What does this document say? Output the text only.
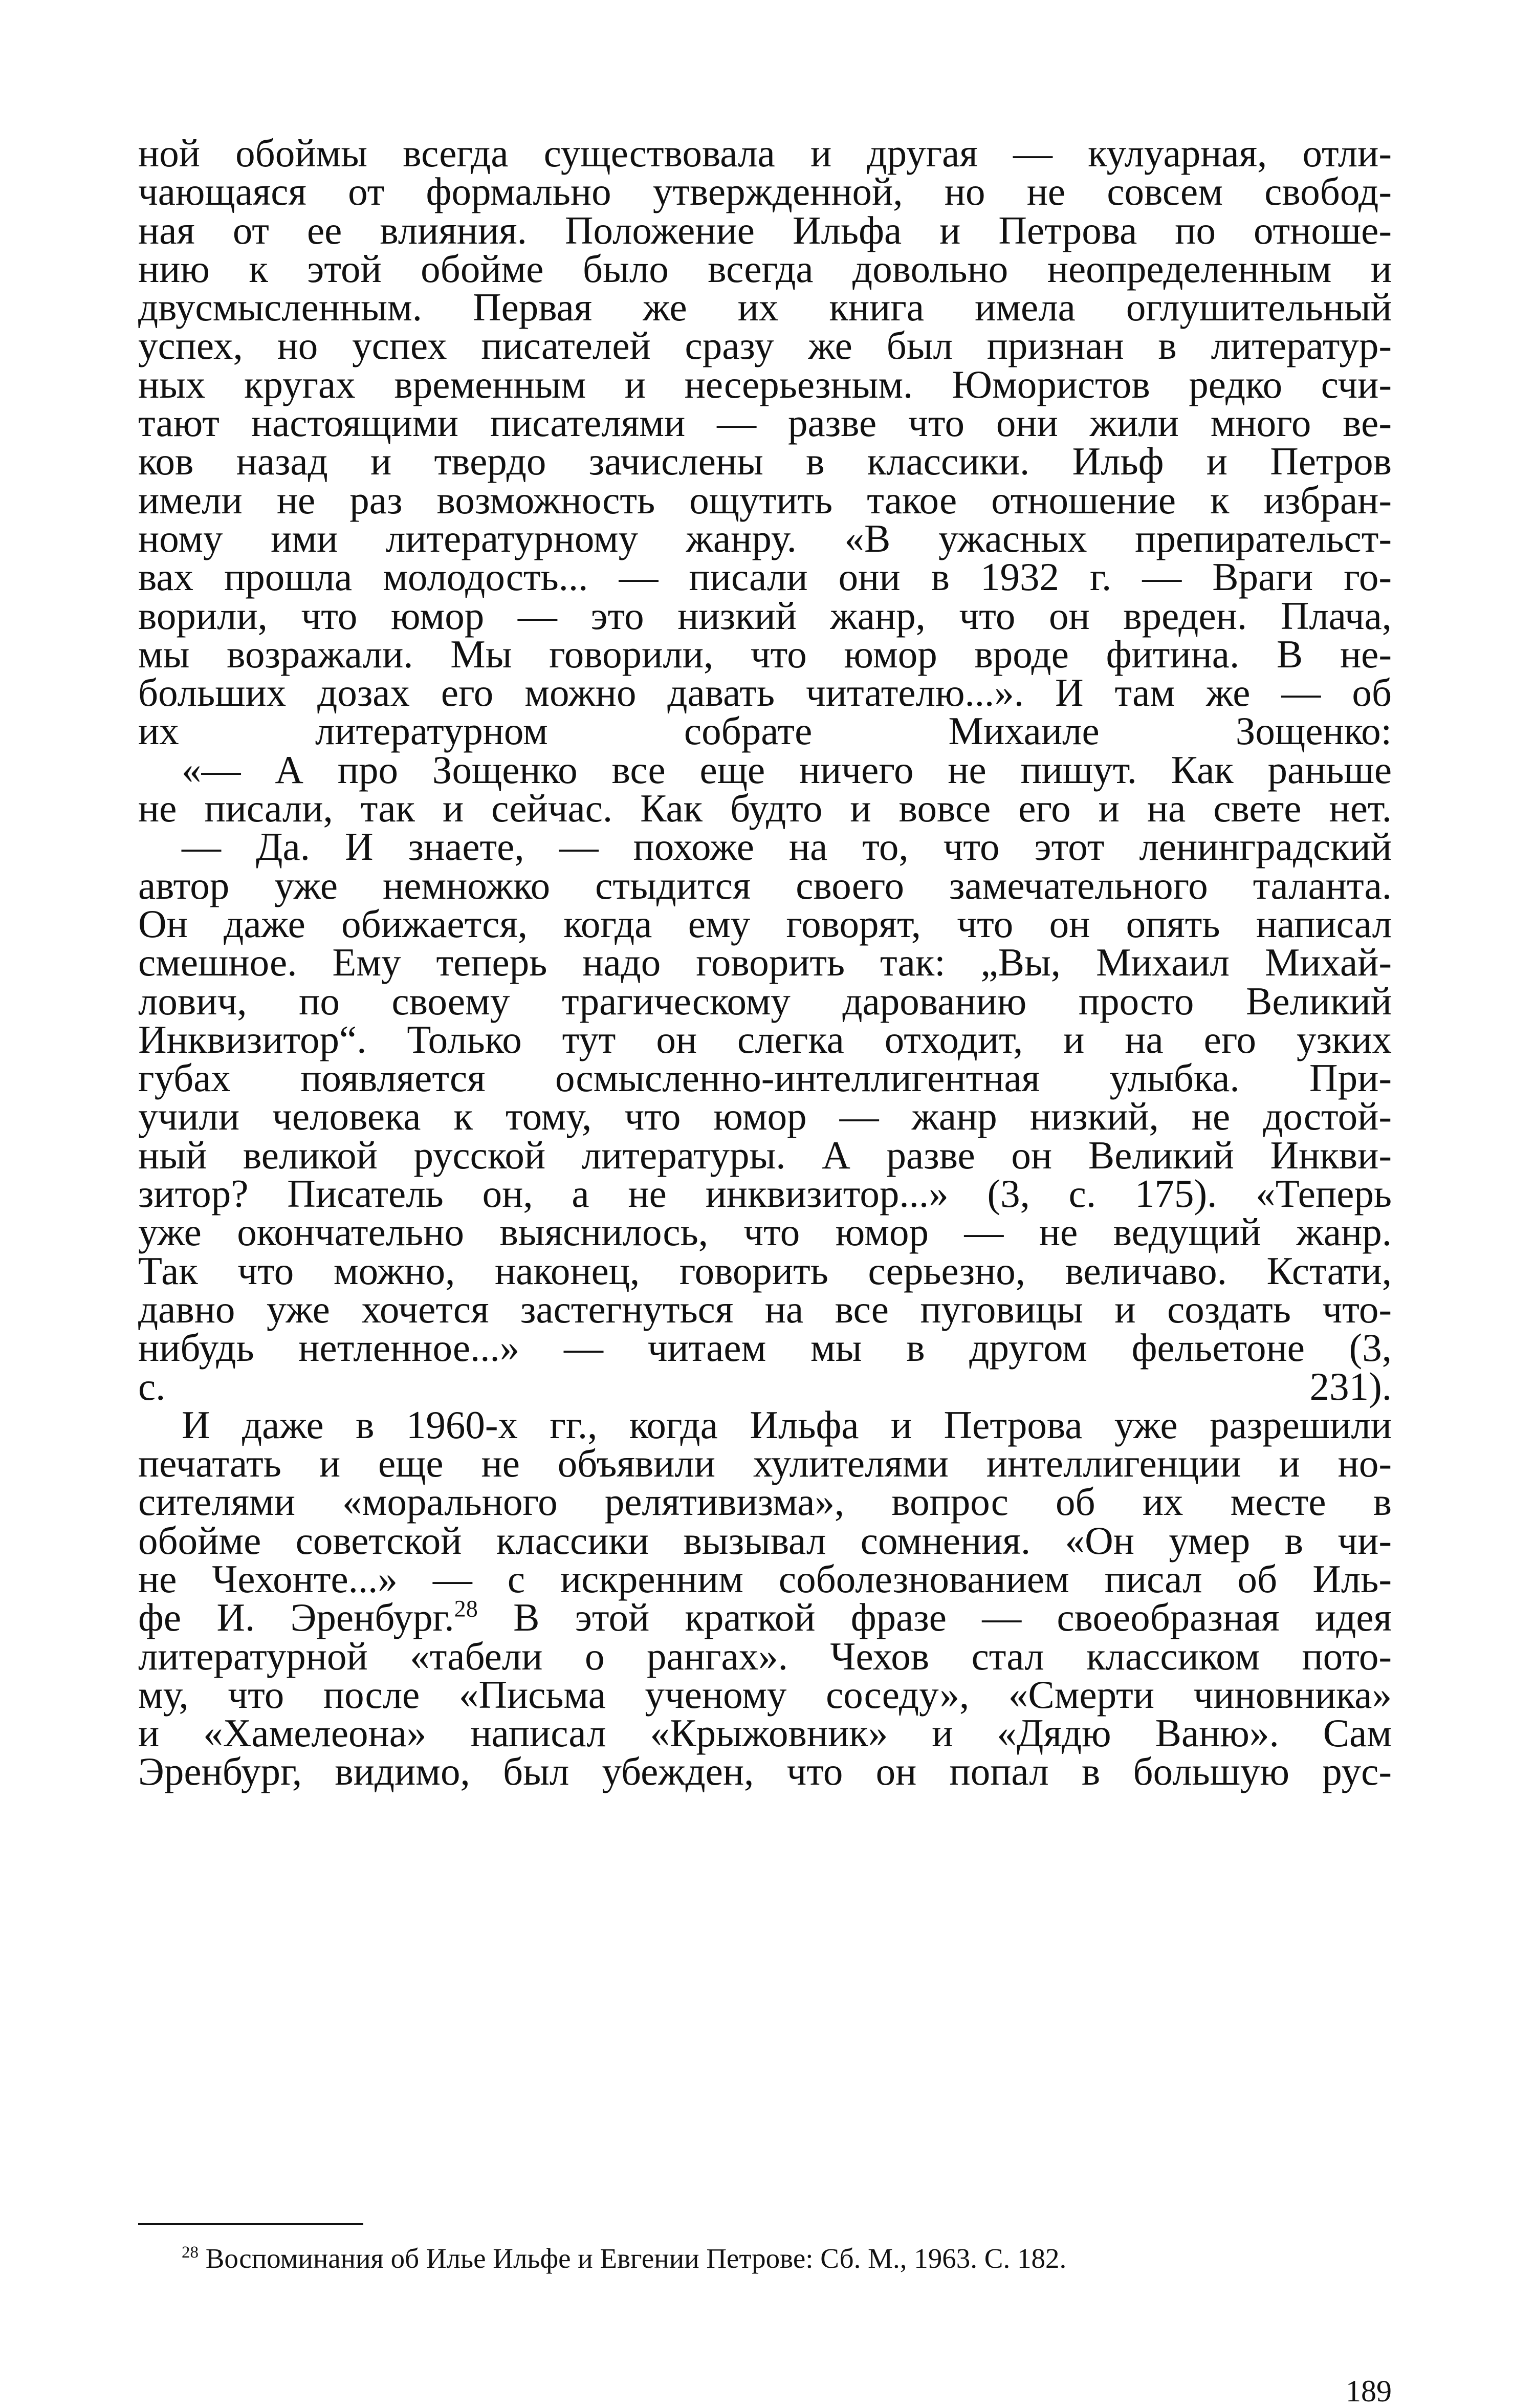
ной обоймы всегда существовала и другая — кулуарная, отли-
чающаяся от формально утвержденной, но не совсем свобод-
ная от ее влияния. Положение Ильфа и Петрова по отноше-
нию к этой обойме было всегда довольно неопределенным и
двусмысленным. Первая же их книга имела оглушительный
успех, но успех писателей сразу же был признан в литератур-
ных кругах временным и несерьезным. Юмористов редко счи-
тают настоящими писателями — разве что они жили много ве-
ков назад и твердо зачислены в классики. Ильф и Петров
имели не раз возможность ощутить такое отношение к избран-
ному ими литературному жанру. «В ужасных препирательст-
вах прошла молодость... — писали они в 1932 г. — Враги го-
ворили, что юмор — это низкий жанр, что он вреден. Плача,
мы возражали. Мы говорили, что юмор вроде фитина. В не-
больших дозах его можно давать читателю...». И там же — об
их литературном собрате Михаиле Зощенко:

«— А про Зощенко все еще ничего не пишут. Как раньше
не писали, так и сейчас. Как будто и вовсе его и на свете нет.

— Да. И знаете, — похоже на то, что этот ленинградский
автор уже немножко стыдится своего замечательного таланта.
Он даже обижается, когда ему говорят, что он опять написал
смешное. Ему теперь надо говорить так: „Вы, Михаил Михай-
лович, по своему трагическому дарованию просто Великий
Инквизитор“. Только тут он слегка отходит, и на его узких
губах появляется осмысленно-интеллигентная улыбка. При-
учили человека к тому, что юмор — жанр низкий, не достой-
ный великой русской литературы. А разве он Великий Инкви-
зитор? Писатель он, а не инквизитор...» (3, с. 175). «Теперь
уже окончательно выяснилось, что юмор — не ведущий жанр.
Так что можно, наконец, говорить серьезно, величаво. Кстати,
давно уже хочется застегнуться на все пуговицы и создать что-
нибудь нетленное...» — читаем мы в другом фельетоне (3,
с. 231).

И даже в 1960-х гг., когда Ильфа и Петрова уже разрешили
печатать и еще не объявили хулителями интеллигенции и но-
сителями «морального релятивизма», вопрос об их месте в
обойме советской классики вызывал сомнения. «Он умер в чи-
не Чехонте...» — с искренним соболезнованием писал об Иль-
фе И. Эренбург.$^{28}$ В этой краткой фразе — своеобразная идея
литературной «табели о рангах». Чехов стал классиком пото-
му, что после «Письма ученому соседу», «Смерти чиновника»
и «Хамелеона» написал «Крыжовник» и «Дядю Ваню». Сам
Эренбург, видимо, был убежден, что он попал в большую рус-

$^{28}$ Воспоминания об Илье Ильфе и Евгении Петрове: Сб. М., 1963. С. 182.
189
